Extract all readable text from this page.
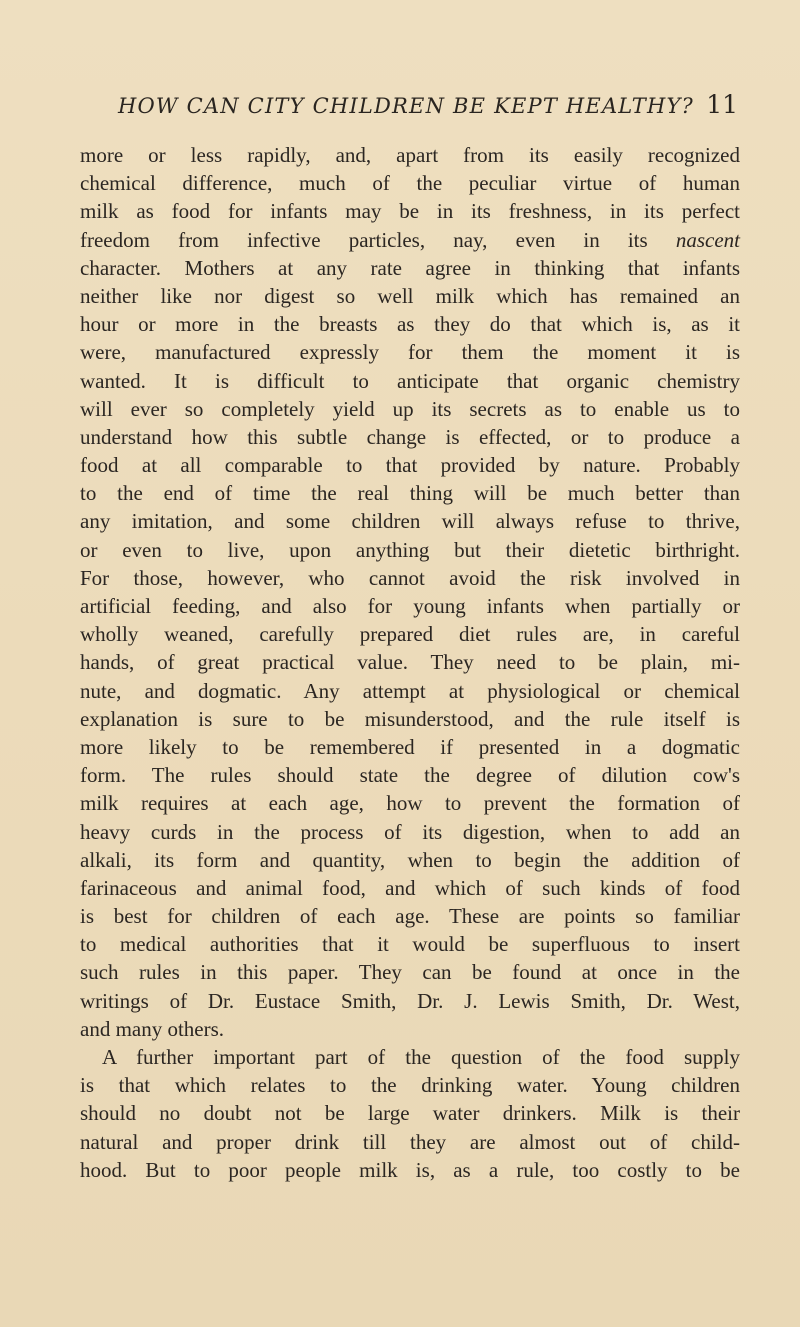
HOW CAN CITY CHILDREN BE KEPT HEALTHY? 11
more or less rapidly, and, apart from its easily recognized
chemical difference, much of the peculiar virtue of human
milk as food for infants may be in its freshness, in its perfect
freedom from infective particles, nay, even in its nascent
character. Mothers at any rate agree in thinking that infants
neither like nor digest so well milk which has remained an
hour or more in the breasts as they do that which is, as it
were, manufactured expressly for them the moment it is
wanted. It is difficult to anticipate that organic chemistry
will ever so completely yield up its secrets as to enable us to
understand how this subtle change is effected, or to produce a
food at all comparable to that provided by nature. Probably
to the end of time the real thing will be much better than
any imitation, and some children will always refuse to thrive,
or even to live, upon anything but their dietetic birthright.
For those, however, who cannot avoid the risk involved in
artificial feeding, and also for young infants when partially or
wholly weaned, carefully prepared diet rules are, in careful
hands, of great practical value. They need to be plain, mi-
nute, and dogmatic. Any attempt at physiological or chemical
explanation is sure to be misunderstood, and the rule itself is
more likely to be remembered if presented in a dogmatic
form. The rules should state the degree of dilution cow's
milk requires at each age, how to prevent the formation of
heavy curds in the process of its digestion, when to add an
alkali, its form and quantity, when to begin the addition of
farinaceous and animal food, and which of such kinds of food
is best for children of each age. These are points so familiar
to medical authorities that it would be superfluous to insert
such rules in this paper. They can be found at once in the
writings of Dr. Eustace Smith, Dr. J. Lewis Smith, Dr. West,
and many others.
A further important part of the question of the food supply
is that which relates to the drinking water. Young children
should no doubt not be large water drinkers. Milk is their
natural and proper drink till they are almost out of child-
hood. But to poor people milk is, as a rule, too costly to be
